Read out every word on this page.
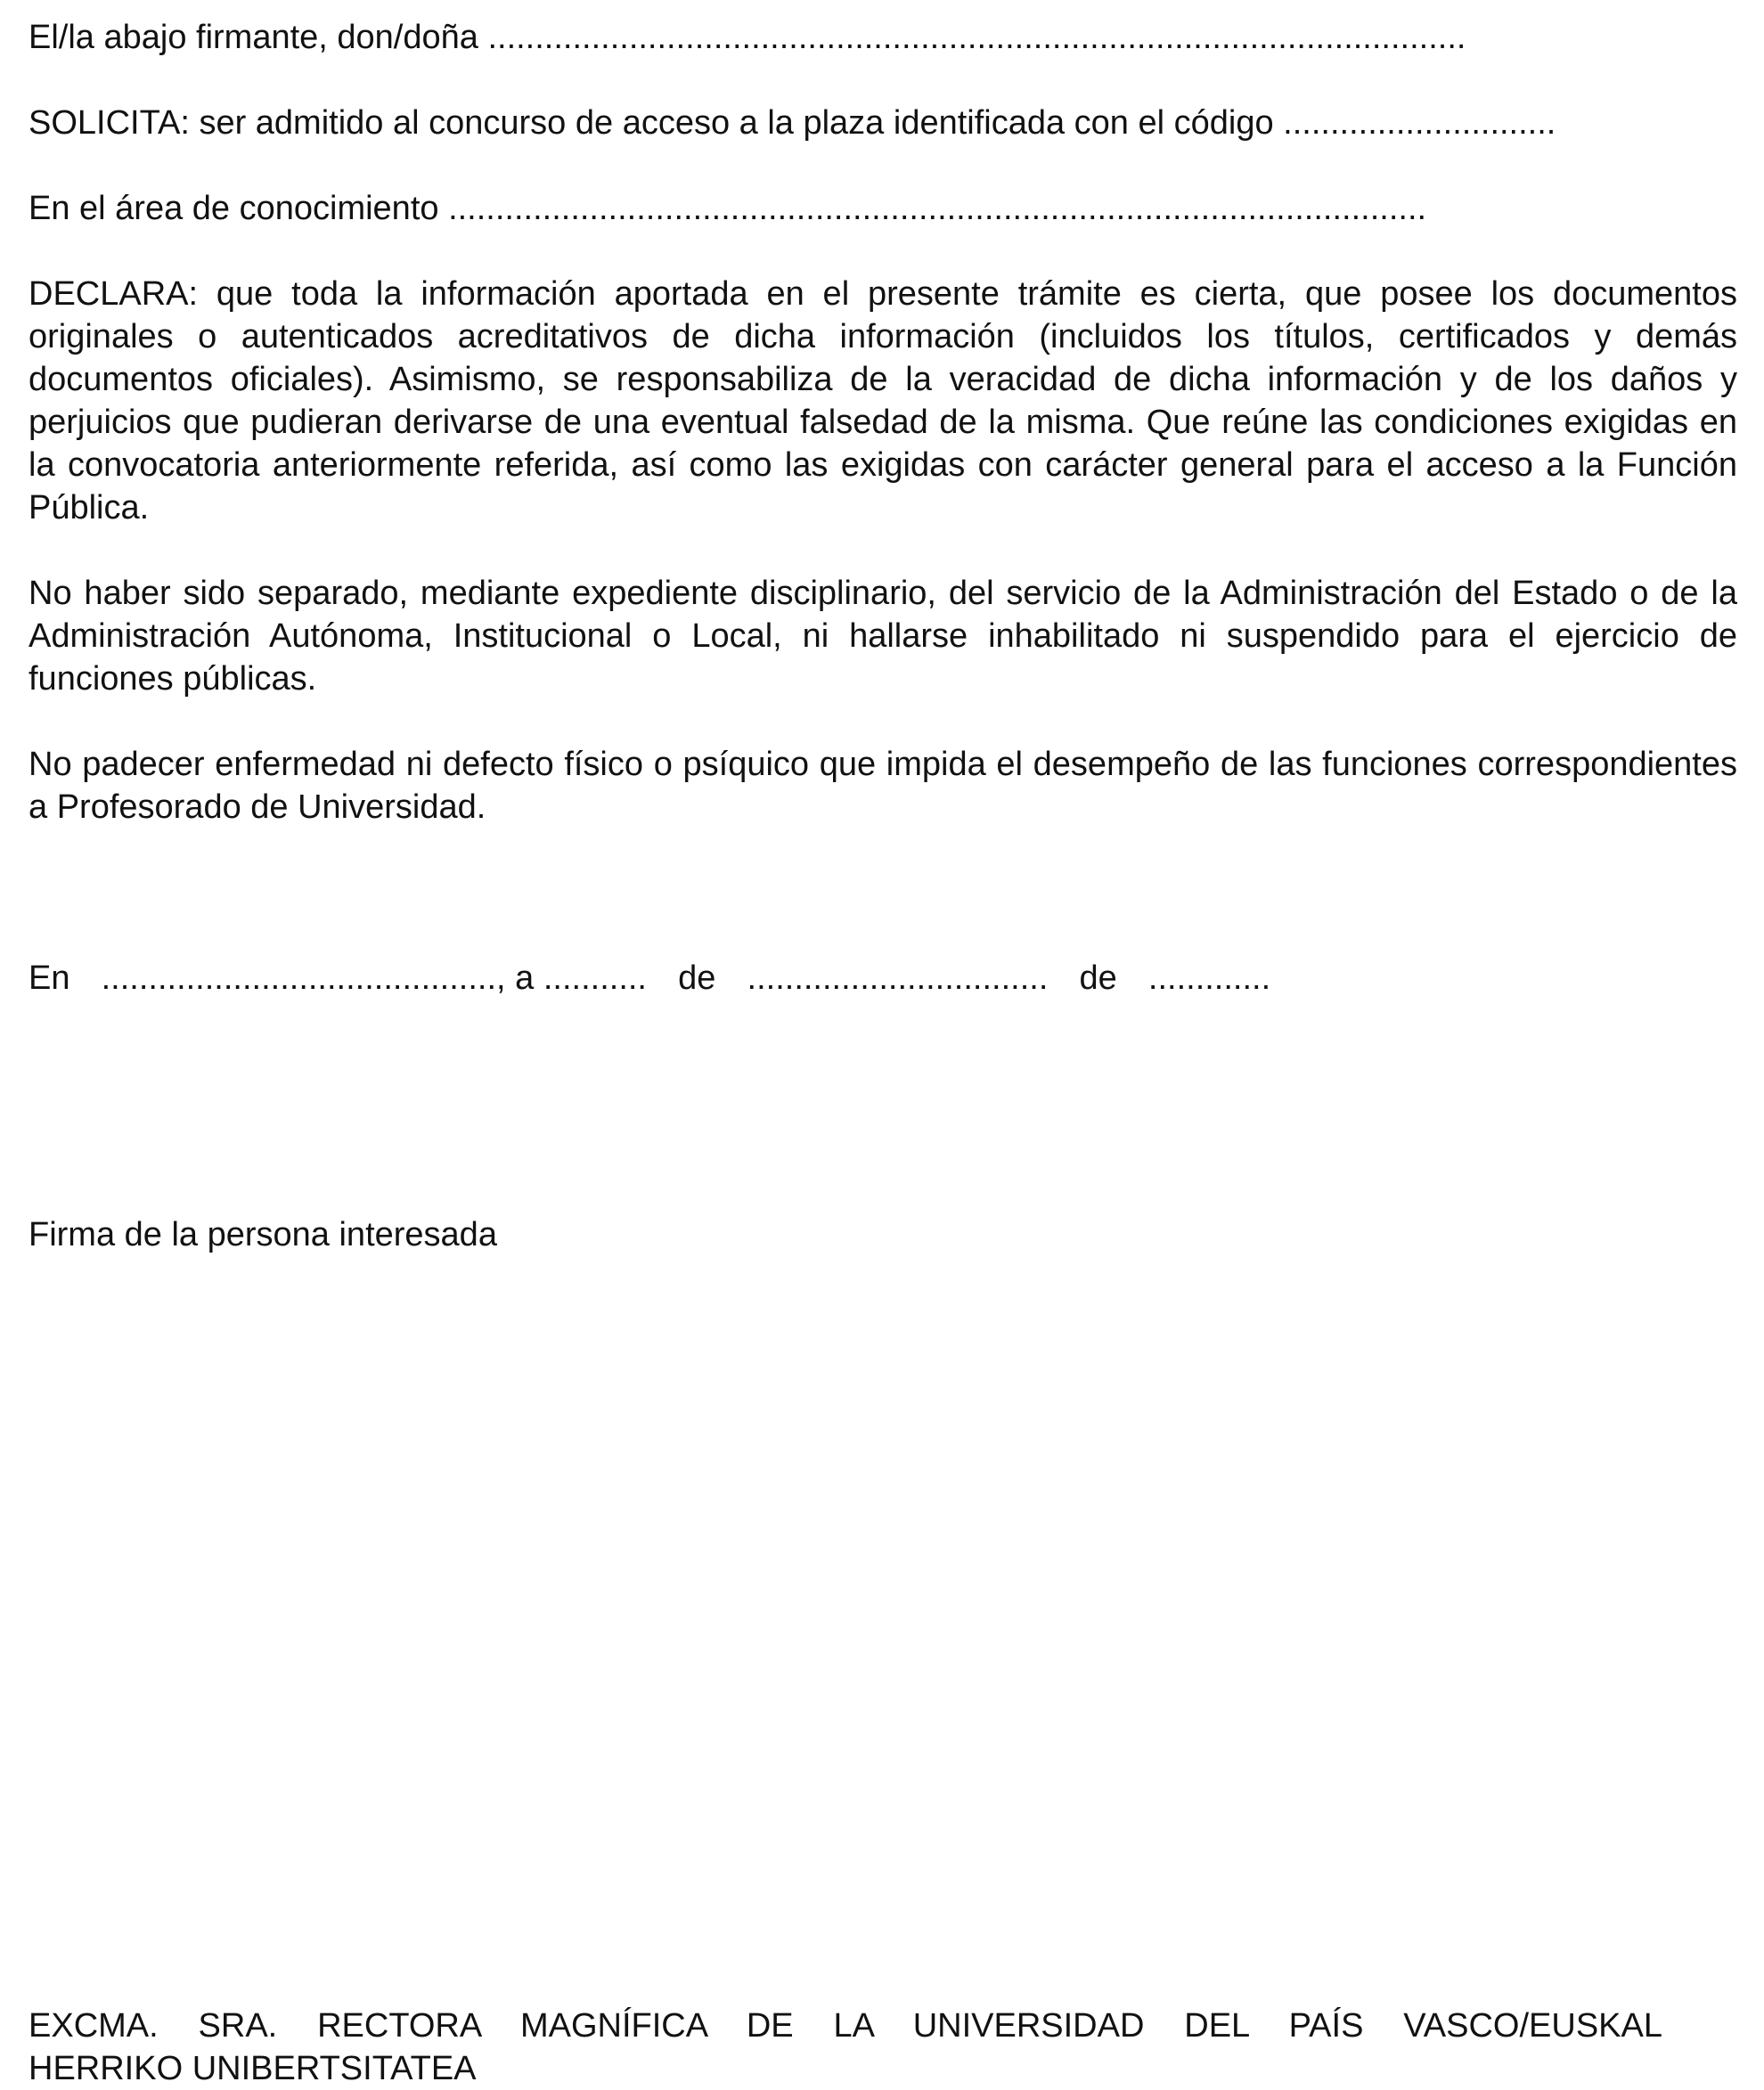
El/la abajo firmante, don/doña ........................................................................................................
SOLICITA: ser admitido al concurso de acceso a la plaza identificada con el código .............................
En el área de conocimiento ........................................................................................................

DECLARA: que toda la información aportada en el presente trámite es cierta, que posee los documentos originales o autenticados acreditativos de dicha información (incluidos los títulos, certificados y demás documentos oficiales). Asimismo, se responsabiliza de la veracidad de dicha información y de los daños y perjuicios que pudieran derivarse de una eventual falsedad de la misma. Que reúne las condiciones exigidas en la convocatoria anteriormente referida, así como las exigidas con carácter general para el acceso a la Función Pública.

No haber sido separado, mediante expediente disciplinario, del servicio de la Administración del Estado o de la Administración Autónoma, Institucional o Local, ni hallarse inhabilitado ni suspendido para el ejercicio de funciones públicas.

No padecer enfermedad ni defecto físico o psíquico que impida el desempeño de las funciones correspondientes a Profesorado de Universidad.

En .........................................., a ........... de ................................ de .............
Firma de la persona interesada

EXCMA. SRA. RECTORA MAGNÍFICA DE LA UNIVERSIDAD DEL PAÍS VASCO/EUSKAL

HERRIKO UNIBERTSITATEA
